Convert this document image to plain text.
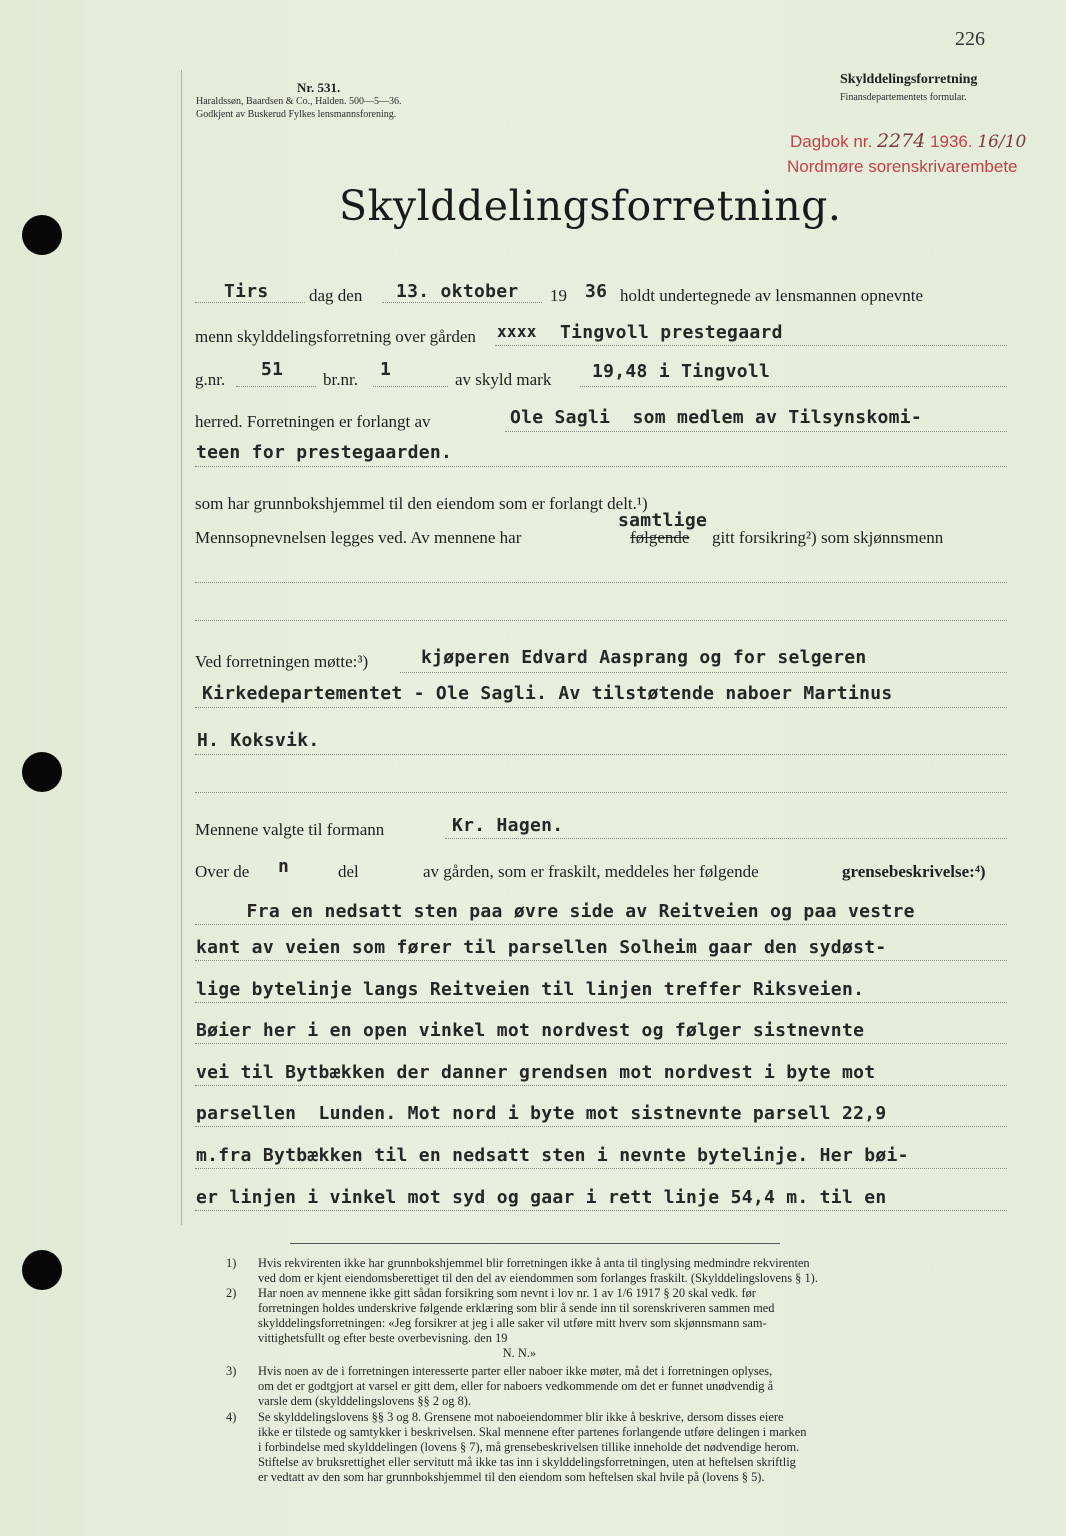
226
Nr. 531.
Haraldssøn, Baardsen & Co., Halden. 500—5—36.
Godkjent av Buskerud Fylkes lensmannsforening.
Skylddelingsforretning
Finansdepartementets formular.
Dagbok nr. 2274 1936. 16/10
Nordmøre sorenskrivarembete
Skylddelingsforretning.
Tirs dag den 13. oktober 19 36 holdt undertegnede av lensmannen opnevnte
menn skylddelingsforretning over gården xxxx Tingvoll prestegaard
g.nr. 51 br.nr. 1	av skyld mark 19,48 i Tingvoll
herred. Forretningen er forlangt av	Ole Sagli  som medlem av Tilsynskomi-
teen for prestegaarden.
som har grunnbokshjemmel til den eiendom som er forlangt delt.¹)
samtlige
Mennsopnevnelsen legges ved. Av mennene har	følgende gitt forsikring²) som skjønnsmenn
Ved forretningen møtte:³)	kjøperen Edvard Aasprang og for selgeren
Kirkedepartementet - Ole Sagli. Av tilstøtende naboer Martinus
H. Koksvik.
Mennene valgte til formann	Kr. Hagen.
Over de n	del	av gården, som er fraskilt, meddeles her følgende	grensebeskrivelse:⁴)
Fra en nedsatt sten paa øvre side av Reitveien og paa vestre
kant av veien som fører til parsellen Solheim gaar den sydøst-
lige bytelinje langs Reitveien til linjen treffer Riksveien.
Bøier her i en open vinkel mot nordvest og følger sistnevnte
vei til Bytbækken der danner grendsen mot nordvest i byte mot
parsellen  Lunden. Mot nord i byte mot sistnevnte parsell 22,9
m.fra Bytbækken til en nedsatt sten i nevnte bytelinje. Her bøi-
er linjen i vinkel mot syd og gaar i rett linje 54,4 m. til en
1) Hvis rekvirenten ikke har grunnbokshjemmel blir forretningen ikke å anta til tinglysing medmindre rekvirenten
ved dom er kjent eiendomsberettiget til den del av eiendommen som forlanges fraskilt. (Skylddelingslovens § 1).
2) Har noen av mennene ikke gitt sådan forsikring som nevnt i lov nr. 1 av 1/6 1917 § 20 skal vedk. før
forretningen holdes underskrive følgende erklæring som blir å sende inn til sorenskriveren sammen med
skylddelingsforretningen: «Jeg forsikrer at jeg i alle saker vil utføre mitt hverv som skjønnsmann sam-
vittighetsfullt og efter beste overbevisning. den 19
N. N.»
3) Hvis noen av de i forretningen interesserte parter eller naboer ikke møter, må det i forretningen oplyses,
om det er godtgjort at varsel er gitt dem, eller for naboers vedkommende om det er funnet unødvendig å
varsle dem (skylddelingslovens §§ 2 og 8).
4) Se skylddelingslovens §§ 3 og 8. Grensene mot naboeiendommer blir ikke å beskrive, dersom disses eiere
ikke er tilstede og samtykker i beskrivelsen. Skal mennene efter partenes forlangende utføre delingen i marken
i forbindelse med skylddelingen (lovens § 7), må grensebeskrivelsen tillike inneholde det nødvendige herom.
Stiftelse av bruksrettighet eller servitutt må ikke tas inn i skylddelingsforretningen, uten at heftelsen skriftlig
er vedtatt av den som har grunnbokshjemmel til den eiendom som heftelsen skal hvile på (lovens § 5).
